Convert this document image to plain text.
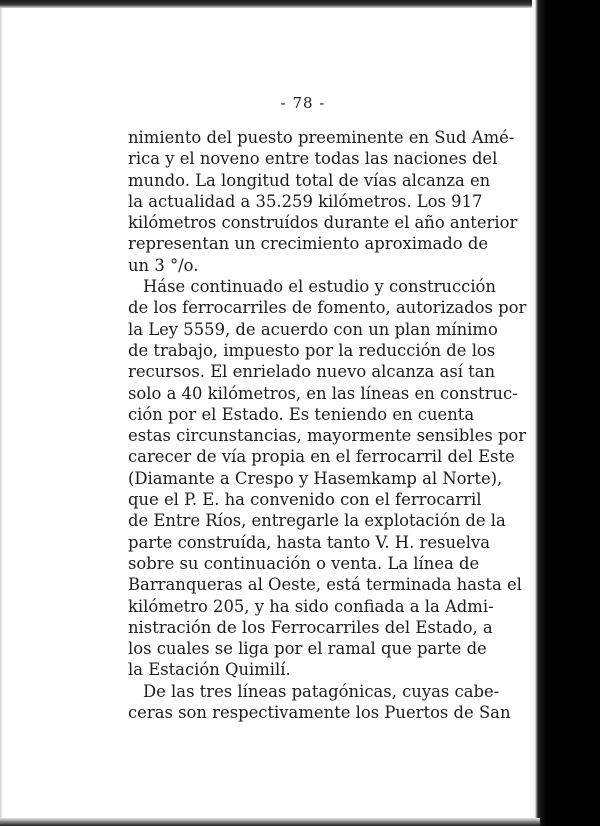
- 78 -
nimiento del puesto preeminente en Sud Amé-
rica y el noveno entre todas las naciones del
mundo. La longitud total de vías alcanza en
la actualidad a 35.259 kilómetros. Los 917
kilómetros construídos durante el año anterior
representan un crecimiento aproximado de
un 3 °/o.
Háse continuado el estudio y construcción
de los ferrocarriles de fomento, autorizados por
la Ley 5559, de acuerdo con un plan mínimo
de trabajo, impuesto por la reducción de los
recursos. El enrielado nuevo alcanza así tan
solo a 40 kilómetros, en las líneas en construc-
ción por el Estado. Es teniendo en cuenta
estas circunstancias, mayormente sensibles por
carecer de vía propia en el ferrocarril del Este
(Diamante a Crespo y Hasemkamp al Norte),
que el P. E. ha convenido con el ferrocarril
de Entre Ríos, entregarle la explotación de la
parte construída, hasta tanto V. H. resuelva
sobre su continuación o venta. La línea de
Barranqueras al Oeste, está terminada hasta el
kilómetro 205, y ha sido confiada a la Admi-
nistración de los Ferrocarriles del Estado, a
los cuales se liga por el ramal que parte de
la Estación Quimilí.
De las tres líneas patagónicas, cuyas cabe-
ceras son respectivamente los Puertos de San
